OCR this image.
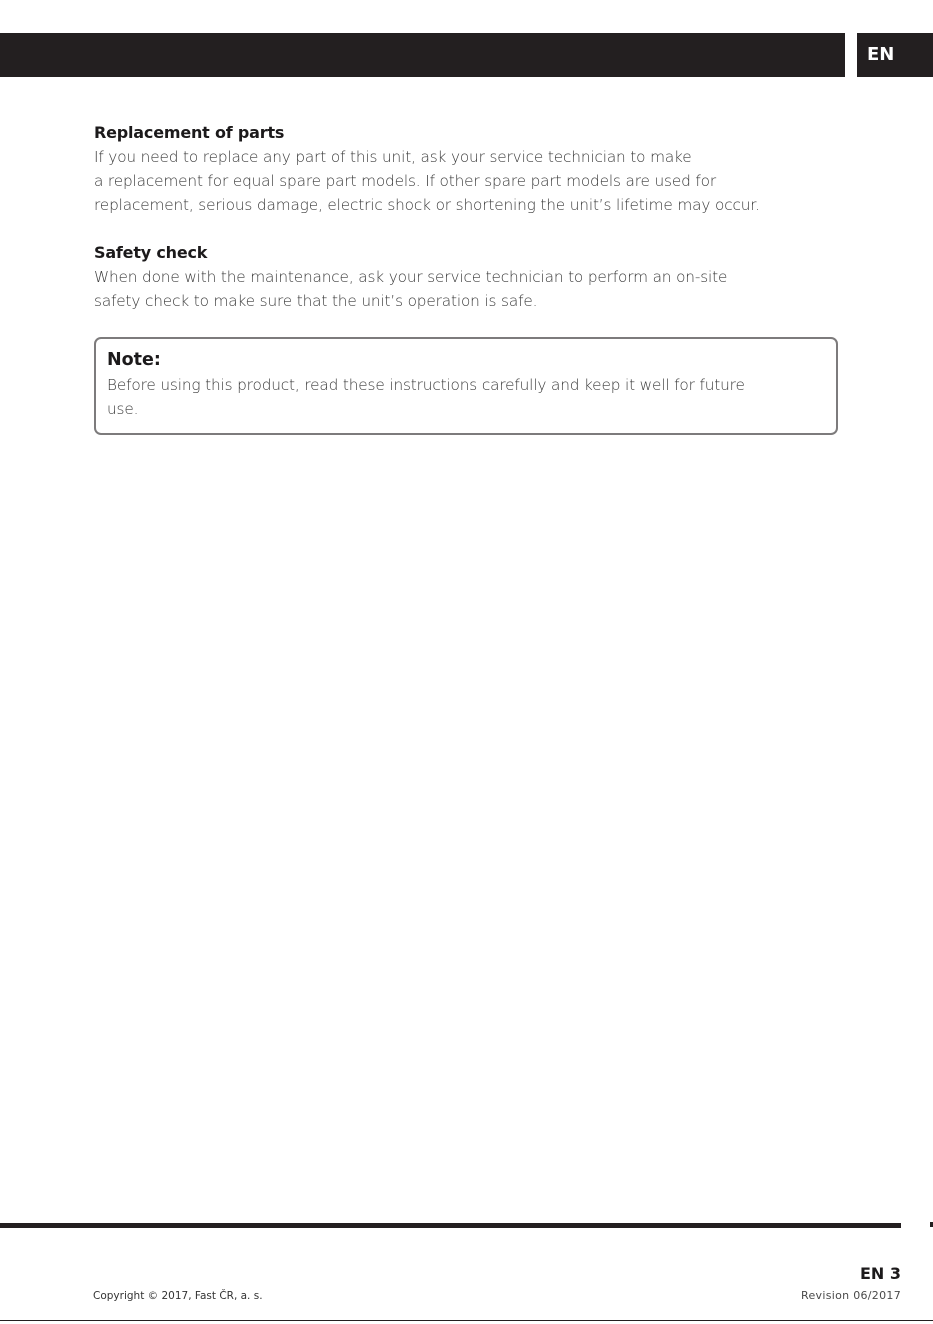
EN
Replacement of parts

If you need to replace any part of this unit, ask your service technician to make

a replacement for equal spare part models. If other spare part models are used for

replacement, serious damage, electric shock or shortening the unit’s lifetime may occur.

Safety check

When done with the maintenance, ask your service technician to perform an on-site

safety check to make sure that the unit’s operation is safe.

Note:

Before using this product, read these instructions carefully and keep it well for future

use.

Copyright © 2017, Fast ČR, a. s.
EN 3
Revision 06/2017
